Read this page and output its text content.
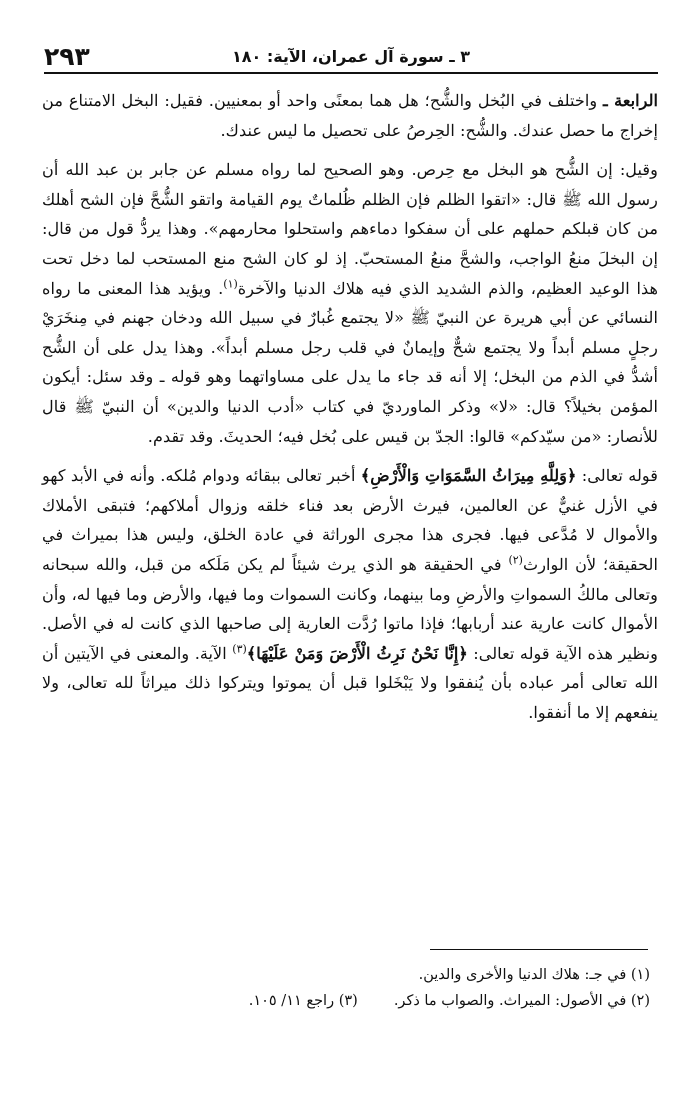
٢٩٣	٣ ـ سورة آل عمران، الآية: ١٨٠

الرابعة ـ واختلف في البُخل والشُّح؛ هل هما بمعنًى واحد أو بمعنيين. فقيل: البخل الامتناع من إخراج ما حصل عندك. والشُّح: الحِرصُ على تحصيل ما ليس عندك.

وقيل: إن الشُّح هو البخل مع حِرص. وهو الصحيح لما رواه مسلم عن جابر بن عبد الله أن رسول الله ﷺ قال: «اتقوا الظلم فإن الظلم ظُلماتٌ يوم القيامة واتقو الشُّحَّ فإن الشح أهلك من كان قبلكم حملهم على أن سفكوا دماءهم واستحلوا محارمهم». وهذا يردُّ قول من قال: إن البخلَ منعُ الواجب، والشحَّ منعُ المستحبّ. إذ لو كان الشح منع المستحب لما دخل تحت هذا الوعيد العظيم، والذم الشديد الذي فيه هلاك الدنيا والآخرة$^{(١)}$. ويؤيد هذا المعنى ما رواه النسائي عن أبي هريرة عن النبيّ ﷺ «لا يجتمع غُبارٌ في سبيل الله ودخان جهنم في مِنخَرَيْ رجلٍ مسلم أبداً ولا يجتمع شحٌّ وإيمانٌ في قلب رجل مسلم أبداً». وهذا يدل على أن الشُّح أشدُّ في الذم من البخل؛ إلا أنه قد جاء ما يدل على مساواتهما وهو قوله ـ وقد سئل: أيكون المؤمن بخيلاً؟ قال: «لا» وذكر الماورديّ في كتاب «أدب الدنيا والدين» أن النبيّ ﷺ قال للأنصار: «من سيّدكم» قالوا: الجدّ بن قيس على بُخل فيه؛ الحديثَ. وقد تقدم.

قوله تعالى: ﴿وَلِلَّهِ مِيرَاثُ السَّمَوَاتِ وَالْأَرْضِ﴾ أخبر تعالى ببقائه ودوام مُلكه. وأنه في الأبد كهو في الأزل غنيٌّ عن العالمين، فيرث الأرض بعد فناء خلقه وزوال أملاكهم؛ فتبقى الأملاك والأموال لا مُدَّعى فيها. فجرى هذا مجرى الوراثة في عادة الخلق، وليس هذا بميراث في الحقيقة؛ لأن الوارث$^{(٢)}$ في الحقيقة هو الذي يرث شيئاً لم يكن مَلَكه من قبل، والله سبحانه وتعالى مالكُ السمواتِ والأرضِ وما بينهما، وكانت السموات وما فيها، والأرض وما فيها له، وأن الأموال كانت عارية عند أربابها؛ فإذا ماتوا رُدَّت العارية إلى صاحبها الذي كانت له في الأصل. ونظير هذه الآية قوله تعالى: ﴿إِنَّا نَحْنُ نَرِثُ الْأَرْضَ وَمَنْ عَلَيْهَا﴾$^{(٣)}$ الآية. والمعنى في الآيتين أن الله تعالى أمر عباده بأن يُنفقوا ولا يَبْخَلوا قبل أن يموتوا ويتركوا ذلك ميراثاً لله تعالى، ولا ينفعهم إلا ما أنفقوا.

(١) في جـ: هلاك الدنيا والأخرى والدين.
(٢) في الأصول: الميراث. والصواب ما ذكر.(٣) راجع ١١/ ١٠٥.
